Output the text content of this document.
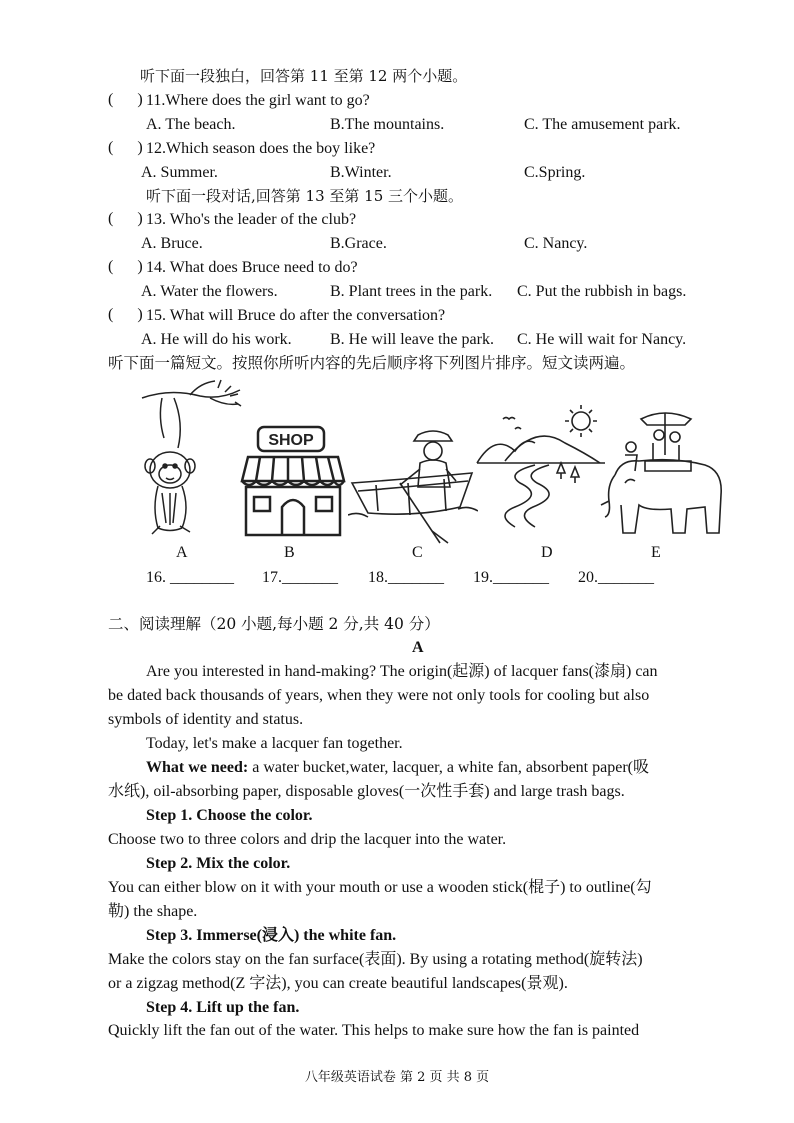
听下面一段独白，回答第 11 至第 12 两个小题。
(      ) 11.Where does the girl want to go?
A. The beach.	B.The mountains.	C. The amusement park.
(      ) 12.Which season does the boy like?
A. Summer.	B.Winter.	C.Spring.
听下面一段对话,回答第 13 至第 15 三个小题。
(      ) 13. Who's the leader of the club?
A. Bruce.	B.Grace.	C. Nancy.
(      ) 14. What does Bruce need to do?
A. Water the flowers.	B. Plant trees in the park. C. Put the rubbish in bags.
(      ) 15. What will Bruce do after the conversation?
A. He will do his work. B. He will leave the park. C. He will wait for Nancy.
听下面一篇短文。按照你所听内容的先后顺序将下列图片排序。短文读两遍。
SHOP
A	B	C	D	E
16. ________ 17._______ 18._______ 19._______ 20._______
二、阅读理解（20 小题,每小题 2 分,共 40 分）
A
Are you interested in hand-making? The origin(起源) of lacquer fans(漆扇) can
be dated back thousands of years, when they were not only tools for cooling but also
symbols of identity and status.
Today, let's make a lacquer fan together.
What we need: a water bucket,water, lacquer, a white fan, absorbent paper(吸
水纸), oil-absorbing paper, disposable gloves(一次性手套) and large trash bags.
Step 1. Choose the color.
Choose two to three colors and drip the lacquer into the water.
Step 2. Mix the color.
You can either blow on it with your mouth or use a wooden stick(棍子) to outline(勾
勒) the shape.
Step 3. Immerse(浸入) the white fan.
Make the colors stay on the fan surface(表面). By using a rotating method(旋转法)
or a zigzag method(Z 字法), you can create beautiful landscapes(景观).
Step 4. Lift up the fan.
Quickly lift the fan out of the water. This helps to make sure how the fan is painted
八年级英语试卷 第 2 页 共 8 页
